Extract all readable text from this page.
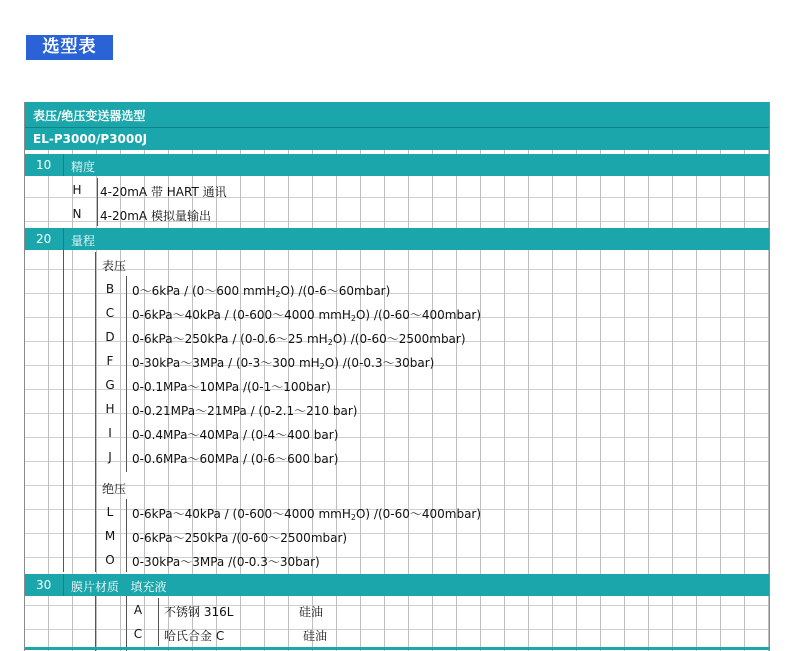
选型表
表压/绝压变送器选型
EL-P3000/P3000J
10 精度
H	4-20mA 带 HART 通讯
N	4-20mA 模拟量输出
20 量程
表压
B	0～6kPa / (0～600 mmH$_2$O) /(0-6～60mbar)
C	0-6kPa～40kPa / (0-600～4000 mmH$_2$O) /(0-60～400mbar)
D	0-6kPa～250kPa / (0-0.6～25 $mH_2O$) /(0-60～2500mbar)
F	0-30kPa～3MPa / (0-3～300 $mH_2O$) /(0-0.3～30bar)
G	0-0.1MPa～10MPa /(0-1～100bar)
H	0-0.21MPa～21MPa / (0-2.1～210 bar)
I	0-0.4MPa～40MPa / (0-4～400 bar)
J	0-0.6MPa～60MPa / (0-6～600 bar)
绝压
L	0-6kPa～40kPa / (0-600～4000 mmH$_2$O) /(0-60～400mbar)
M	0-6kPa～250kPa /(0-60～2500mbar)
O	0-30kPa～3MPa /(0-0.3～30bar)
30 膜片材质   填充液
A	不锈钢 316L	硅油
C	哈氏合金 C	硅油
